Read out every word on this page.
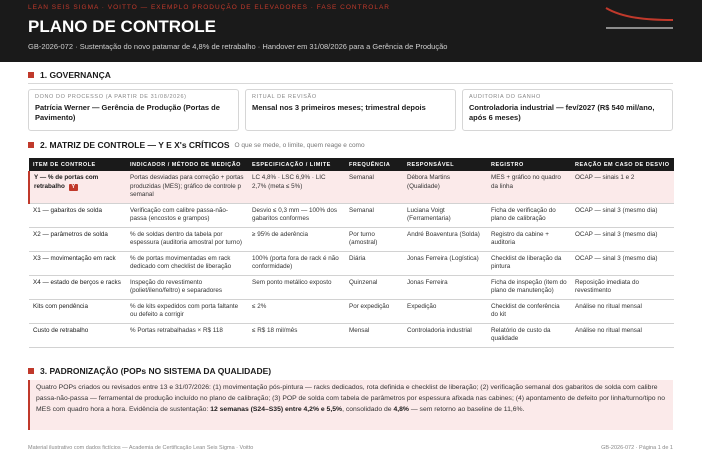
LEAN SEIS SIGMA · VOITTO — EXEMPLO PRODUÇÃO DE ELEVADORES · FASE CONTROLAR
PLANO DE CONTROLE
GB-2026-072 · Sustentação do novo patamar de 4,8% de retrabalho · Handover em 31/08/2026 para a Gerência de Produção
1. GOVERNANÇA
DONO DO PROCESSO (A PARTIR DE 31/08/2026)
Patrícia Werner — Gerência de Produção (Portas de Pavimento)
RITUAL DE REVISÃO
Mensal nos 3 primeiros meses; trimestral depois
AUDITORIA DO GANHO
Controladoria industrial — fev/2027 (R$ 540 mil/ano, após 6 meses)
2. MATRIZ DE CONTROLE — Y E X's CRÍTICOS O que se mede, o limite, quem reage e como
ITEM DE CONTROLE	INDICADOR / MÉTODO DE MEDIÇÃO	ESPECIFICAÇÃO / LIMITE	FREQUÊNCIA	RESPONSÁVEL	REGISTRO	REAÇÃO EM CASO DE DESVIO
Y — % de portas com retrabalho Y	Portas desviadas para correção + portas produzidas (MES); gráfico de controle p semanal	LC 4,8% · LSC 6,9% · LIC 2,7% (meta ≤ 5%)	Semanal	Débora Martins (Qualidade)	MES + gráfico no quadro da linha	OCAP — sinais 1 e 2
X1 — gabaritos de solda	Verificação com calibre passa-não-passa (encostos e grampos)	Desvio ≤ 0,3 mm — 100% dos gabaritos conformes	Semanal	Luciana Voigt (Ferramentaria)	Ficha de verificação do plano de calibração	OCAP — sinal 3 (mesmo dia)
X2 — parâmetros de solda	% de soldas dentro da tabela por espessura (auditoria amostral por turno)	≥ 95% de aderência	Por turno (amostral)	André Boaventura (Solda)	Registro da cabine + auditoria	OCAP — sinal 3 (mesmo dia)
X3 — movimentação em rack	% de portas movimentadas em rack dedicado com checklist de liberação	100% (porta fora de rack é não conformidade)	Diária	Jonas Ferreira (Logística)	Checklist de liberação da pintura	OCAP — sinal 3 (mesmo dia)
X4 — estado de berços e racks	Inspeção do revestimento (poliet/ileno/feltro) e separadores	Sem ponto metálico exposto	Quinzenal	Jonas Ferreira	Ficha de inspeção (item do plano de manutenção)	Reposição imediata do revestimento
Kits com pendência	% de kits expedidos com porta faltante ou defeito a corrigir	≤ 2%	Por expedição	Expedição	Checklist de conferência do kit	Análise no ritual mensal
Custo de retrabalho	% Portas retrabalhadas × R$ 118	≤ R$ 18 mil/mês	Mensal	Controladoria industrial	Relatório de custo da qualidade	Análise no ritual mensal
3. PADRONIZAÇÃO (POPs NO SISTEMA DA QUALIDADE)

Quatro POPs criados ou revisados entre 13 e 31/07/2026: (1) movimentação pós-pintura — racks dedicados, rota definida e checklist de liberação; (2) verificação semanal dos gabaritos de solda com calibre passa-não-passa — ferramental de produção incluído no plano de calibração; (3) POP de solda com tabela de parâmetros por espessura afixada nas cabines; (4) apontamento de defeito por linha/turno/tipo no MES com quadro hora a hora. Evidência de sustentação: 12 semanas (S24–S35) entre 4,2% e 5,5%, consolidado de 4,8% — sem retorno ao baseline de 11,6%.

Material ilustrativo com dados fictícios — Academia de Certificação Lean Seis Sigma · Voitto	GB-2026-072 · Página 1 de 1
